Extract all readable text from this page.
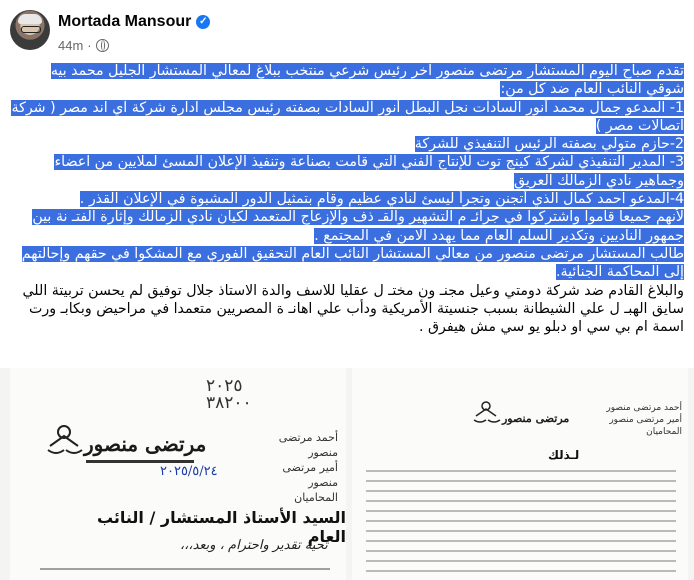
Mortada Mansour ✓
44m ·

تقدم صباح اليوم المستشار مرتضى منصور آخر رئيس شرعي منتخب ببلاغ لمعالي المستشار الجليل محمد بيه شوقي النائب العام ضد كل من:

1- المدعو جمال محمد أنور السادات نجل البطل أنور السادات بصفته رئيس مجلس ادارة شركة آي اند مصر ( شركة اتصالات مصر )

2-حازم متولي بصفته الرئيس التنفيذي للشركة

3- المدير التنفيذي لشركة كينج توت للإنتاج الفني التي قامت بصناعة وتنفيذ الإعلان المسئ لملايين من اعضاء وجماهير نادي الزمالك العريق

4-المدعو احمد كمال الذي أتجنن وتجرأ ليسئ لنادي عظيم وقام بتمثيل الدور المشبوة في الإعلان القذر .

لأنهم جميعا قاموا واشتركوا في جرائـ م التشهير والقـ ذف والإزعاج المتعمد لكيان نادي الزمالك وإثارة الفتـ نة بين جمهور الناديين وتكدير السلم العام مما يهدد الامن في المجتمع .

طالب المستشار مرتضى منصور من معالي المستشار النائب العام التحقيق الفوري مع المشكوا في حقهم وإحالتهم إلى المحاكمة الجنائية.

والبلاغ القادم ضد شركة دومتي وعيل مجنـ ون مختـ ل عقليا للاسف والدة الاستاذ جلال توفيق لم يحسن تربيتة اللي سايق الهبـ ل علي الشيطانة بسبب جنسيتة الأمريكية ودأب علي اهانـ ة المصريين متعمدا في مراحيض وبكابـ ورت اسمة ام بي سي او دبلو يو سي مش هيفرق .

٢٠٢٥
٣٨٢٠٠
مرتضى منصور	أحمد مرتضى منصور
أمير مرتضى منصور
المحاميان
٢٠٢٥/٥/٢٤
السيد الأستاذ المستشار / النائب العام
تحية تقدير واحترام ، وبعد،،،
مرتضى منصور
أحمد مرتضى منصور
أمير مرتضى منصور
المحاميان
لـذلك
